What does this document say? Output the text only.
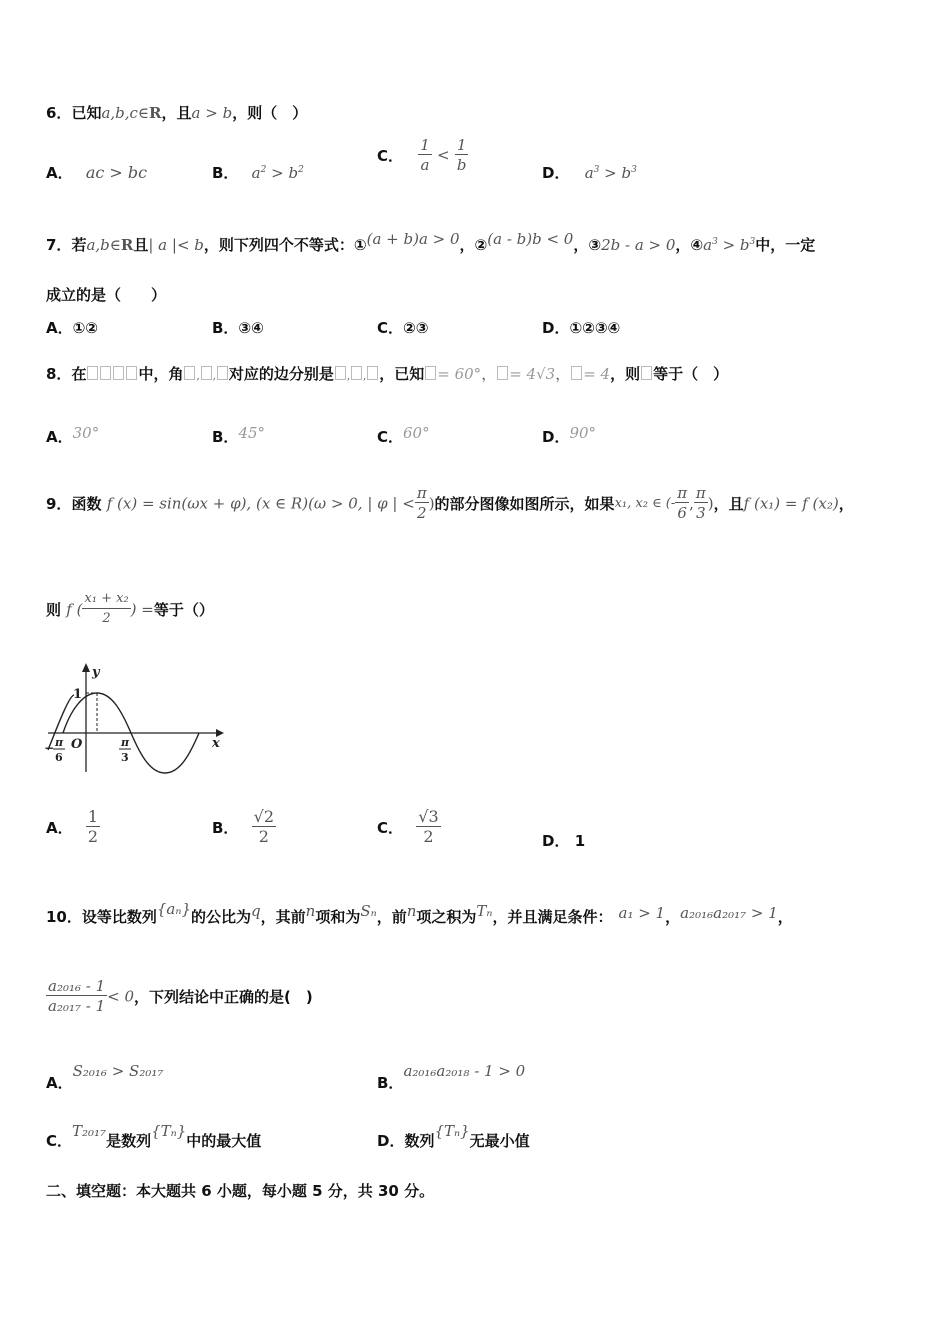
6．已知a,b,c∈R，且a > b，则（　）
A． ac > bc	B． $a^2 > b^2$
C． $\frac{1}{a} < \frac{1}{b}$	D． $a^3 > b^3$
7．若a,b∈R且| a |< b，则下列四个不等式：①(a + b)a > 0，②(a - b)b < 0，③2b - a > 0，$④a^3 > b^3$中，一定
成立的是（　　）
A．①②	B．③④	C．②③	D．①②③④
8．在	中，角 , , 对应的边分别是 , , ，已知 = 60°， = 4√3， = 4，则 等于（　）
A．30°	B．45°	C．60°	D．90°
9．函数 f (x) = sin(ωx + φ), (x ∈ R)(ω > 0, | φ | < $\frac{\pi}{2}$ )的部分图像如图所示，如果x₁, x₂ ∈ (- $\frac{\pi}{6}$ , $\frac{\pi}{3}$ )，且f (x₁) = f (x₂)，
则 f ( $\frac{\text{x₁ + x₂}}{2}$ ) =等于（）
y
x
1
O
− π
6
π
3
A． $\frac{1}{2}$	B． $\frac{√2}{2}$	C． $\frac{√3}{2}$	D． 1
10．设等比数列{aₙ}的公比为q，其前n项和为Sₙ，前n项之积为Tₙ，并且满足条件： a₁ > 1，a₂₀₁₆a₂₀₁₇ > 1，
$\frac{\text{a₂₀₁₆ - 1}}{\text{a₂₀₁₇ - 1}} < 0$，下列结论中正确的是(　)
A．S₂₀₁₆ > S₂₀₁₇
B．a₂₀₁₆a₂₀₁₈ - 1 > 0
C．T₂₀₁₇是数列{Tₙ}中的最大值	D．数列{Tₙ}无最小值
二、填空题：本大题共 6 小题，每小题 5 分，共 30 分。
